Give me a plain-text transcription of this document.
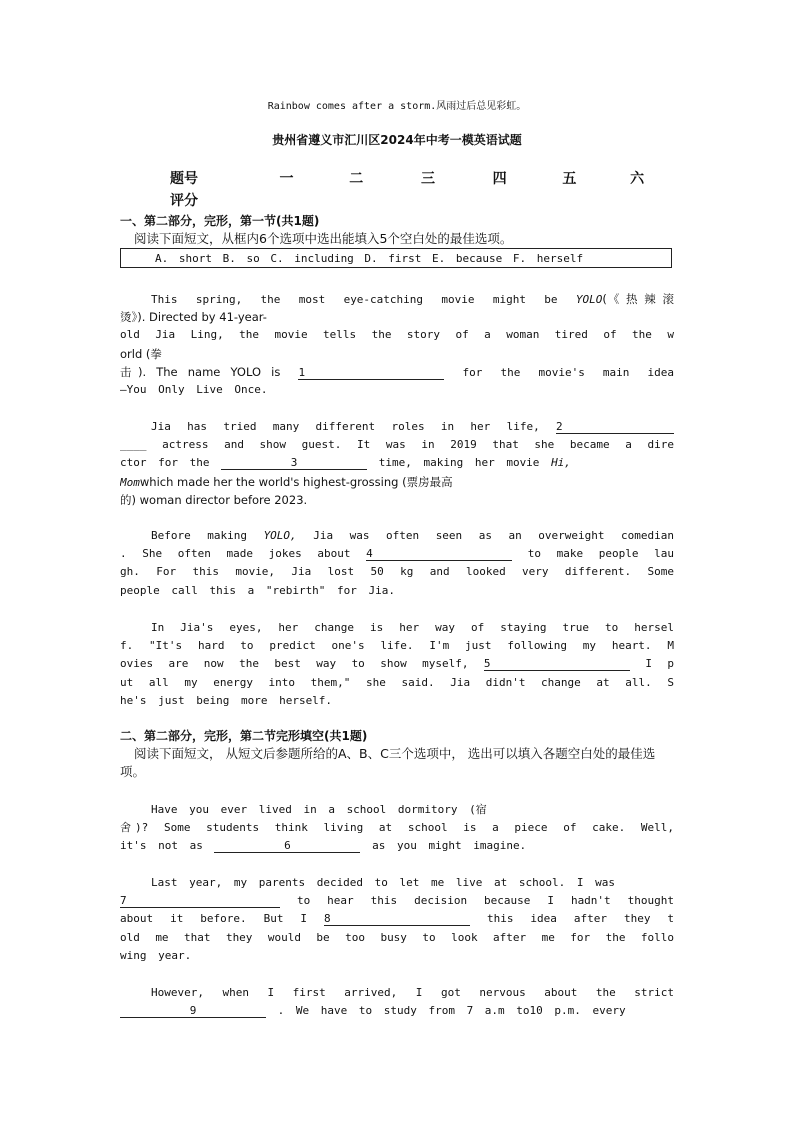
Rainbow comes after a storm.风雨过后总见彩虹。
贵州省遵义市汇川区2024年中考一模英语试题
题号	一	二	三	四	五	六
评分
一、第二部分，完形，第一节(共1题)
阅读下面短文，从框内6个选项中选出能填入5个空白处的最佳选项。
A. short B. so C. including D. first E. because F. herself
This spring, the most eye-catching movie might be YOLO(《热辣滚
烫》). Directed by 41-year-
old Jia Ling, the movie tells the story of a woman tired of the w
orld (拳
击). The name YOLO is 1	for the movie's main idea
—You Only Live Once.
Jia has tried many different roles in her life, 2
____ actress and show guest. It was in 2019 that she became a dire
ctor for the	3	time, making her movie Hi,
Momwhich made her the world's highest-grossing (票房最高
的) woman director before 2023.
Before making YOLO, Jia was often seen as an overweight comedian
. She often made jokes about 4	to make people lau
gh. For this movie, Jia lost 50 kg and looked very different. Some
people call this a "rebirth" for Jia.
In Jia's eyes, her change is her way of staying true to hersel
f. "It's hard to predict one's life. I'm just following my heart. M
ovies are now the best way to show myself, 5	I p
ut all my energy into them," she said. Jia didn't change at all. S
he's just being more herself.
二、第二部分，完形，第二节完形填空(共1题)
阅读下面短文， 从短文后参题所给的A、B、C三个选项中， 选出可以填入各题空白处的最佳选项。
Have you ever lived in a school dormitory (宿
舍)? Some students think living at school is a piece of cake. Well,
it's not as	6	as you might imagine.
Last year, my parents decided to let me live at school. I was
7	to hear this decision because I hadn't thought
about it before. But I 8	this idea after they t
old me that they would be too busy to look after me for the follo
wing year.
However, when I first arrived, I got nervous about the strict
9	. We have to study from 7 a.m to10 p.m. every
